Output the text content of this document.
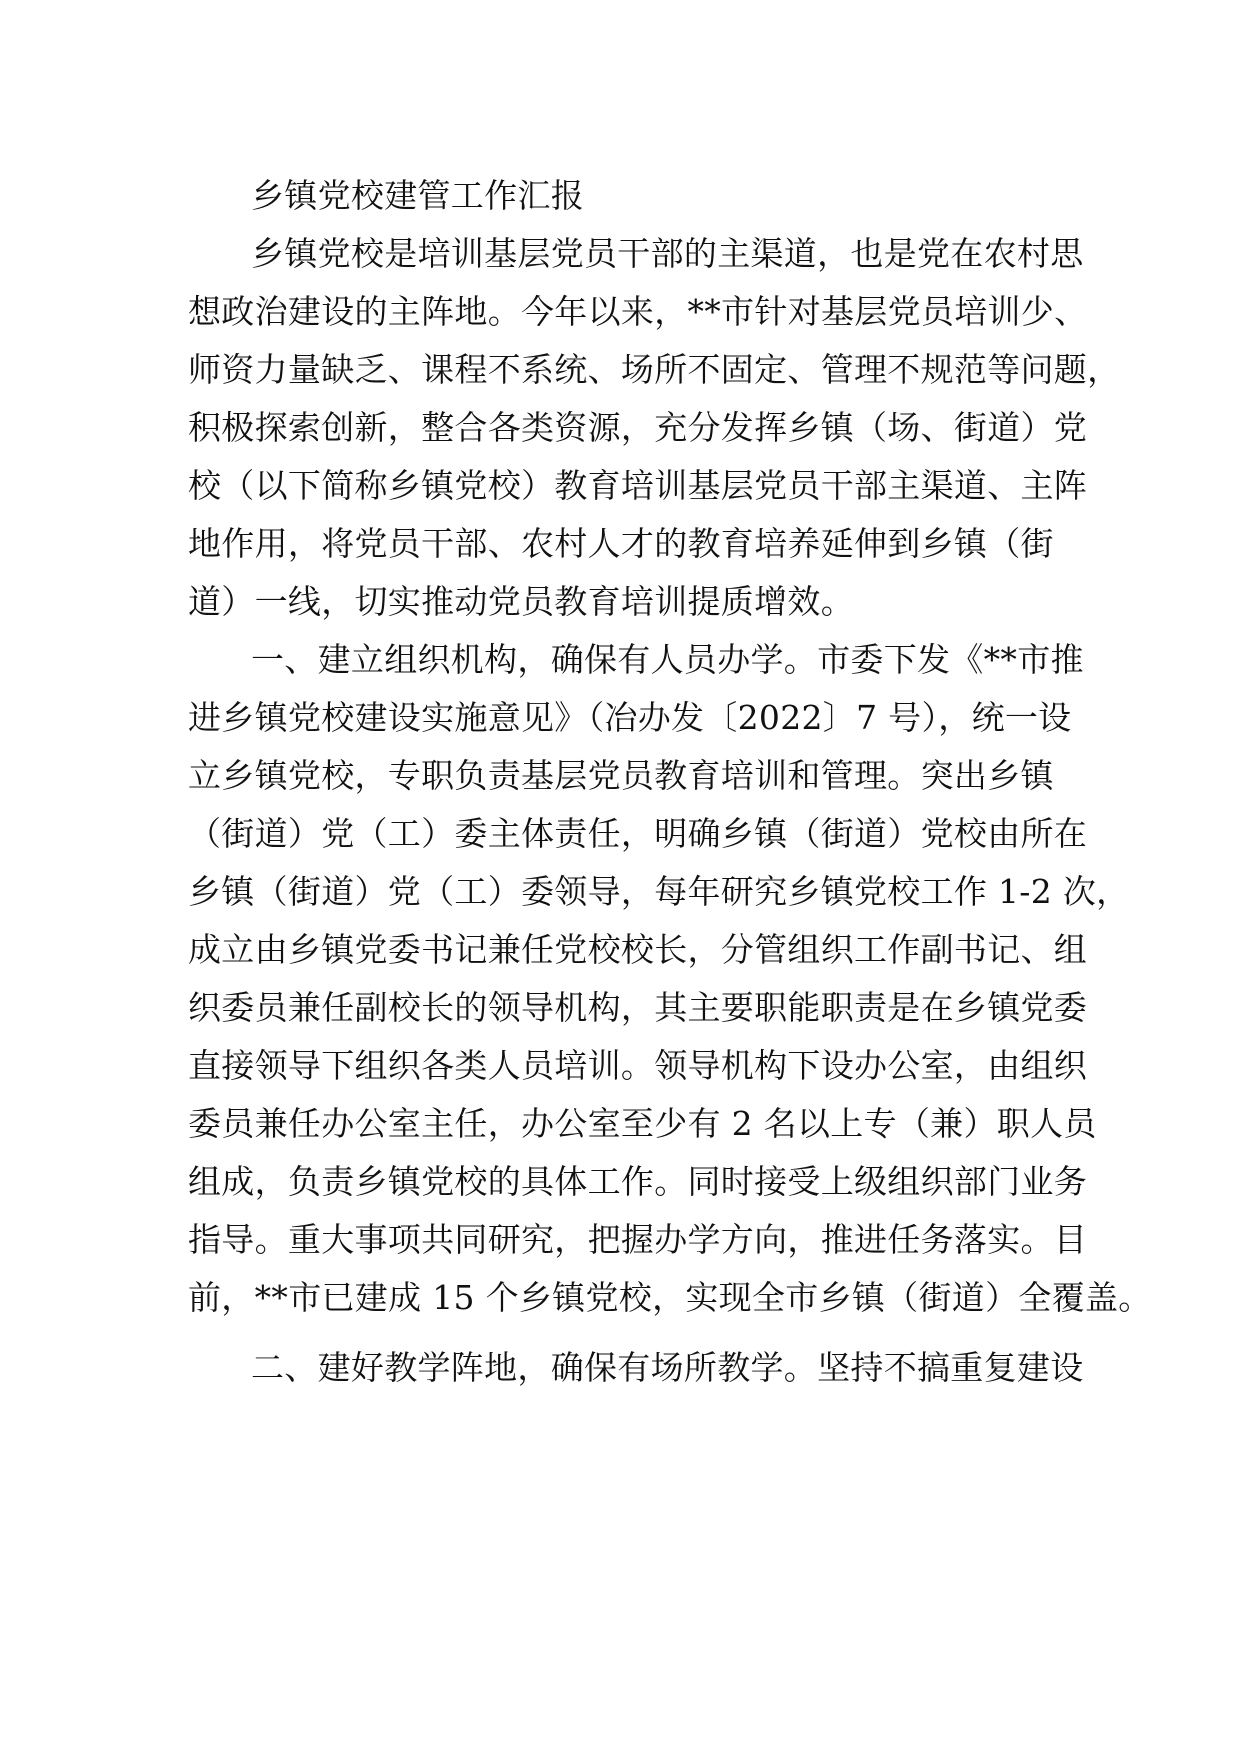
乡镇党校建管工作汇报
乡镇党校是培训基层党员干部的主渠道，也是党在农村思
想政治建设的主阵地。今年以来，**市针对基层党员培训少、
师资力量缺乏、课程不系统、场所不固定、管理不规范等问题，
积极探索创新，整合各类资源，充分发挥乡镇（场、街道）党
校（以下简称乡镇党校）教育培训基层党员干部主渠道、主阵
地作用，将党员干部、农村人才的教育培养延伸到乡镇（街
道）一线，切实推动党员教育培训提质增效。
一、建立组织机构，确保有人员办学。市委下发《**市推
进乡镇党校建设实施意见》（冶办发〔2022〕7 号），统一设
立乡镇党校，专职负责基层党员教育培训和管理。突出乡镇
（街道）党（工）委主体责任，明确乡镇（街道）党校由所在
乡镇（街道）党（工）委领导，每年研究乡镇党校工作 1-2 次，
成立由乡镇党委书记兼任党校校长，分管组织工作副书记、组
织委员兼任副校长的领导机构，其主要职能职责是在乡镇党委
直接领导下组织各类人员培训。领导机构下设办公室，由组织
委员兼任办公室主任，办公室至少有 2 名以上专（兼）职人员
组成，负责乡镇党校的具体工作。同时接受上级组织部门业务
指导。重大事项共同研究，把握办学方向，推进任务落实。目
前，**市已建成 15 个乡镇党校，实现全市乡镇（街道）全覆盖。
二、建好教学阵地，确保有场所教学。坚持不搞重复建设
